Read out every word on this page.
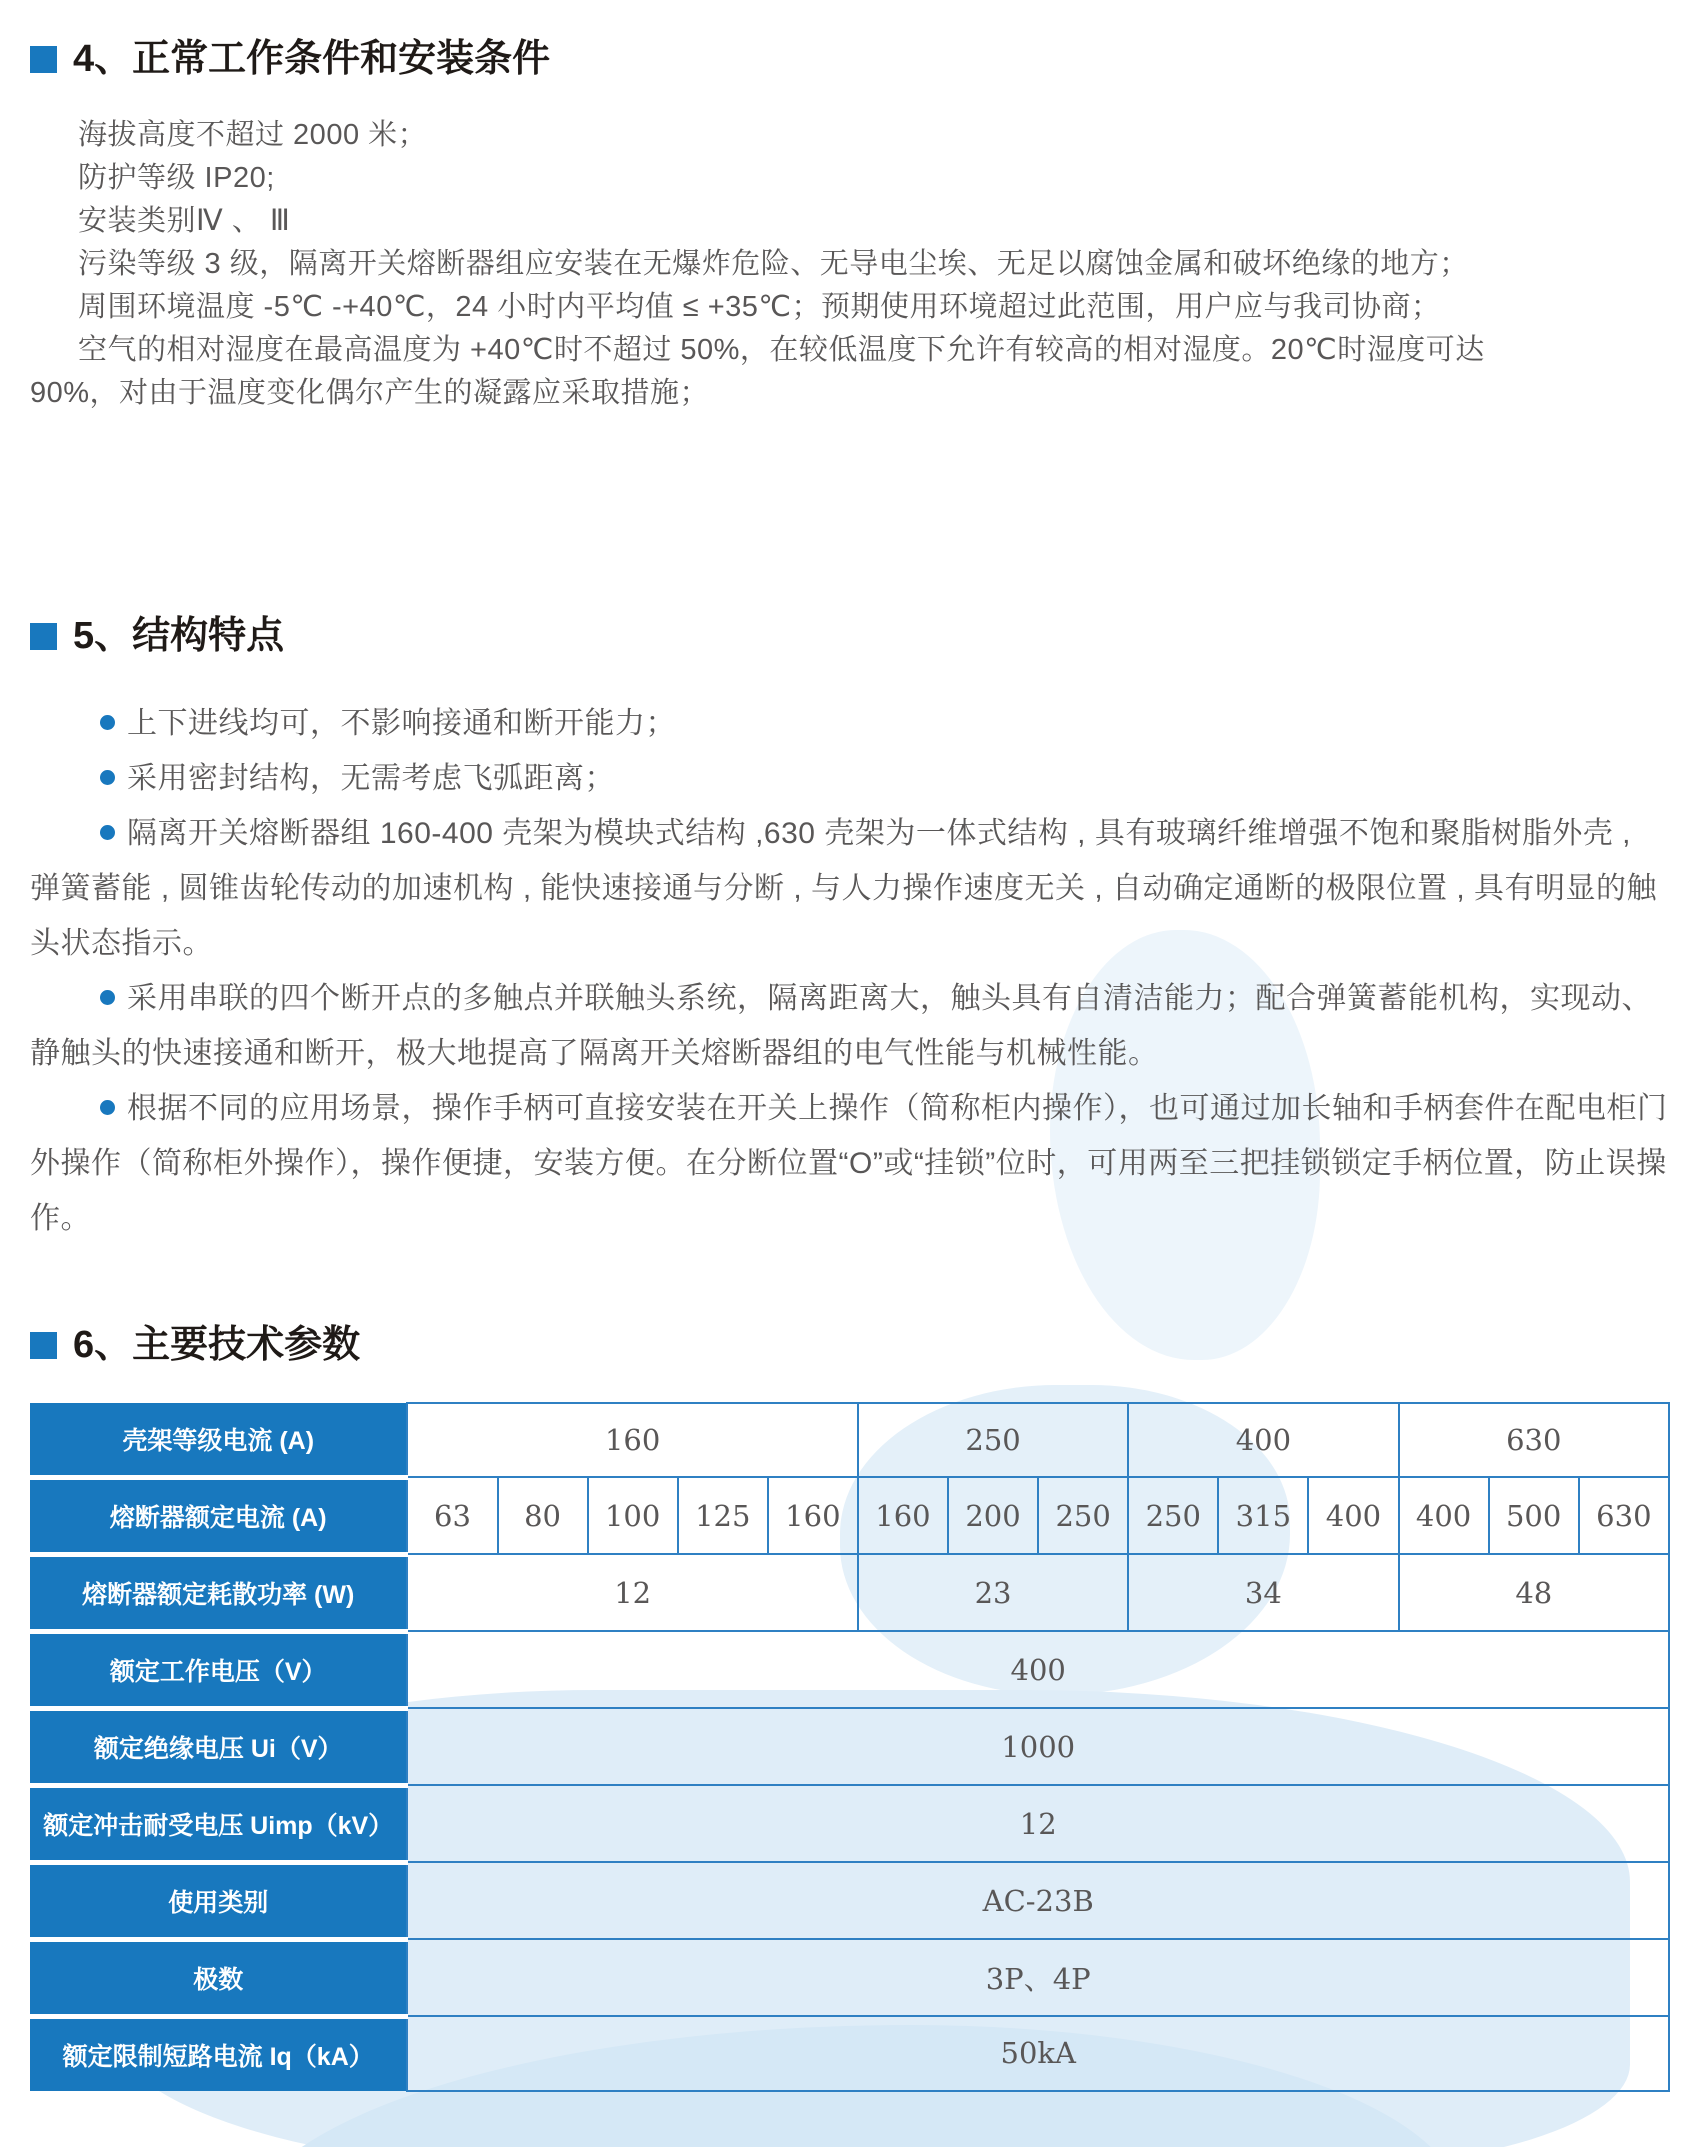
4、正常工作条件和安装条件
海拔高度不超过 2000 米；
防护等级 IP20;
安装类别Ⅳ 、 Ⅲ
污染等级 3 级，隔离开关熔断器组应安装在无爆炸危险、无导电尘埃、无足以腐蚀金属和破坏绝缘的地方；
周围环境温度 -5℃ -+40℃，24 小时内平均值 ≤ +35℃；预期使用环境超过此范围，用户应与我司协商；
空气的相对湿度在最高温度为 +40℃时不超过 50%，在较低温度下允许有较高的相对湿度。20℃时湿度可达
90%，对由于温度变化偶尔产生的凝露应采取措施；
5、结构特点

上下进线均可，不影响接通和断开能力；

采用密封结构，无需考虑飞弧距离；

隔离开关熔断器组 160-400 壳架为模块式结构 ,630 壳架为一体式结构 , 具有玻璃纤维增强不饱和聚脂树脂外壳 , 弹簧蓄能 , 圆锥齿轮传动的加速机构 , 能快速接通与分断 , 与人力操作速度无关 , 自动确定通断的极限位置 , 具有明显的触头状态指示。

采用串联的四个断开点的多触点并联触头系统，隔离距离大，触头具有自清洁能力；配合弹簧蓄能机构，实现动、静触头的快速接通和断开，极大地提高了隔离开关熔断器组的电气性能与机械性能。

根据不同的应用场景，操作手柄可直接安装在开关上操作（简称柜内操作），也可通过加长轴和手柄套件在配电柜门外操作（简称柜外操作），操作便捷，安装方便。在分断位置“O”或“挂锁”位时，可用两至三把挂锁锁定手柄位置，防止误操作。

6、主要技术参数
壳架等级电流 (A)	160					250			400			630		
熔断器额定电流 (A)	63	80	100	125	160	160	200	250	250	315	400	400	500	630
熔断器额定耗散功率 (W)	12					23			34			48		
额定工作电压（V）	400													
额定绝缘电压 Ui（V）	1000													
额定冲击耐受电压 Uimp（kV）	12													
使用类别	AC-23B													
极数	3P、4P													
额定限制短路电流 Iq（kA）	50kA													
